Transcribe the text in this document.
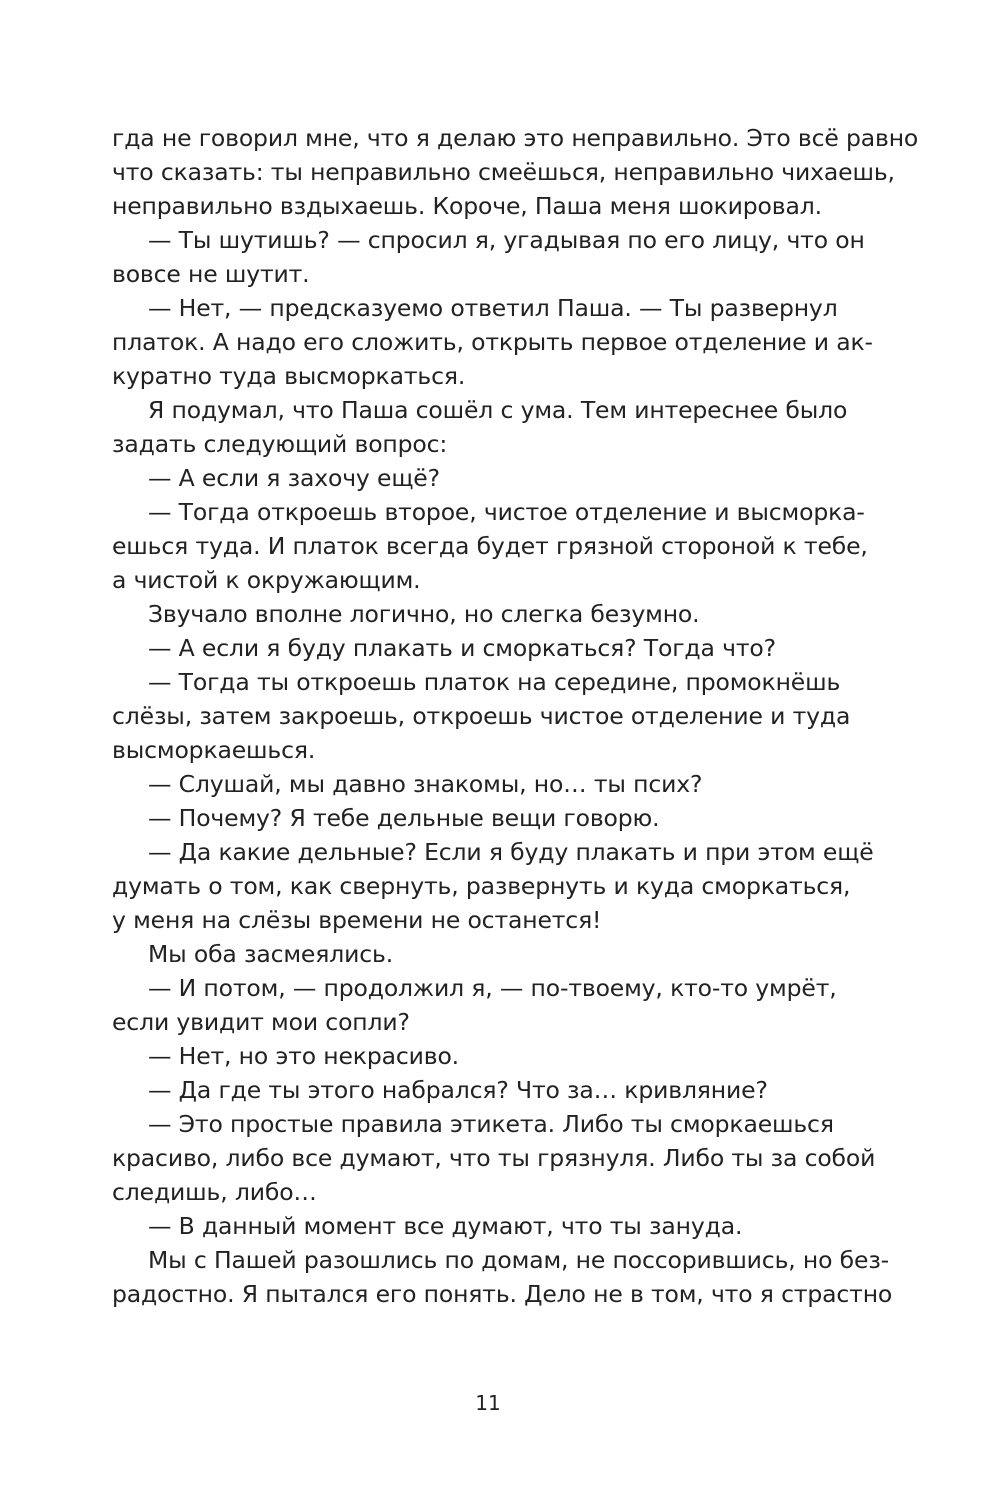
гда не говорил мне, что я делаю это неправильно. Это всё равно
что сказать: ты неправильно смеёшься, неправильно чихаешь,
неправильно вздыхаешь. Короче, Паша меня шокировал.
— Ты шутишь? — спросил я, угадывая по его лицу, что он
вовсе не шутит.
— Нет, — предсказуемо ответил Паша. — Ты развернул
платок. А надо его сложить, открыть первое отделение и ак-
куратно туда высморкаться.
Я подумал, что Паша сошёл с ума. Тем интереснее было
задать следующий вопрос:
— А если я захочу ещё?
— Тогда откроешь второе, чистое отделение и высморка-
ешься туда. И платок всегда будет грязной стороной к тебе,
а чистой к окружающим.
Звучало вполне логично, но слегка безумно.
— А если я буду плакать и сморкаться? Тогда что?
— Тогда ты откроешь платок на середине, промокнёшь
слёзы, затем закроешь, откроешь чистое отделение и туда
высморкаешься.
— Слушай, мы давно знакомы, но… ты псих?
— Почему? Я тебе дельные вещи говорю.
— Да какие дельные? Если я буду плакать и при этом ещё
думать о том, как свернуть, развернуть и куда сморкаться,
у меня на слёзы времени не останется!
Мы оба засмеялись.
— И потом, — продолжил я, — по-твоему, кто-то умрёт,
если увидит мои сопли?
— Нет, но это некрасиво.
— Да где ты этого набрался? Что за… кривляние?
— Это простые правила этикета. Либо ты сморкаешься
красиво, либо все думают, что ты грязнуля. Либо ты за собой
следишь, либо…
— В данный момент все думают, что ты зануда.
Мы с Пашей разошлись по домам, не поссорившись, но без-
радостно. Я пытался его понять. Дело не в том, что я страстно
11
